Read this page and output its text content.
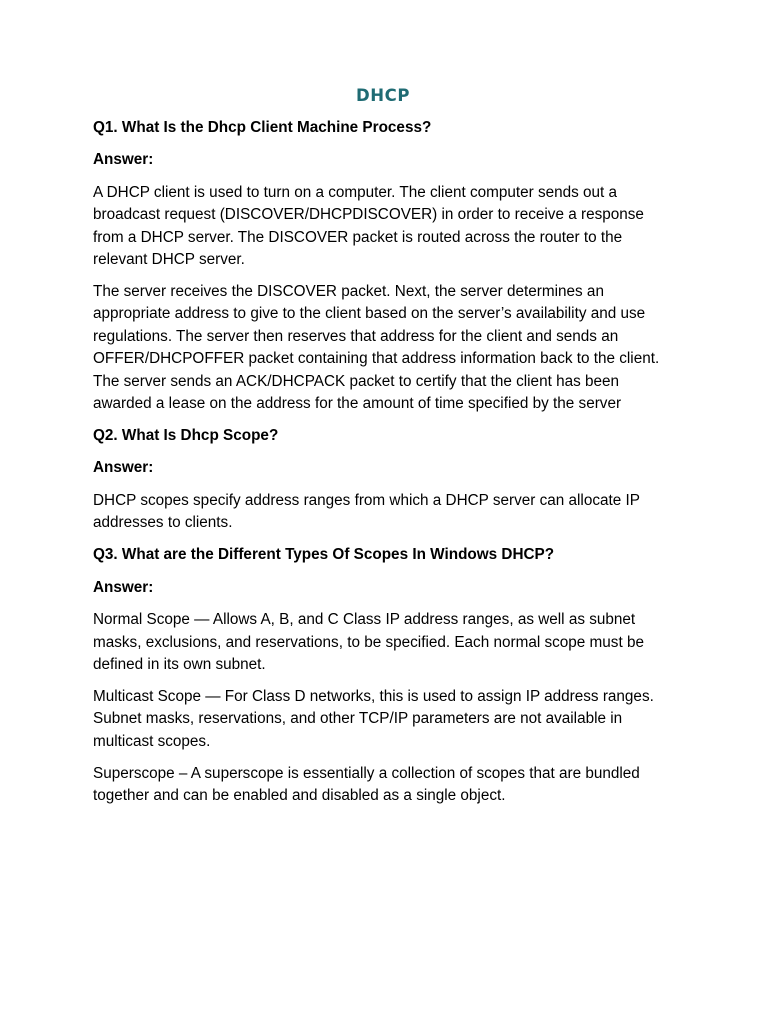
DHCP
Q1. What Is the Dhcp Client Machine Process?
Answer:

A DHCP client is used to turn on a computer. The client computer sends out a broadcast request (DISCOVER/DHCPDISCOVER) in order to receive a response from a DHCP server. The DISCOVER packet is routed across the router to the relevant DHCP server.

The server receives the DISCOVER packet. Next, the server determines an appropriate address to give to the client based on the server’s availability and use regulations. The server then reserves that address for the client and sends an OFFER/DHCPOFFER packet containing that address information back to the client. The server sends an ACK/DHCPACK packet to certify that the client has been awarded a lease on the address for the amount of time specified by the server

Q2. What Is Dhcp Scope?
Answer:

DHCP scopes specify address ranges from which a DHCP server can allocate IP addresses to clients.

Q3. What are the Different Types Of Scopes In Windows DHCP?
Answer:

Normal Scope — Allows A, B, and C Class IP address ranges, as well as subnet masks, exclusions, and reservations, to be specified. Each normal scope must be defined in its own subnet.

Multicast Scope — For Class D networks, this is used to assign IP address ranges. Subnet masks, reservations, and other TCP/IP parameters are not available in multicast scopes.

Superscope – A superscope is essentially a collection of scopes that are bundled together and can be enabled and disabled as a single object.
